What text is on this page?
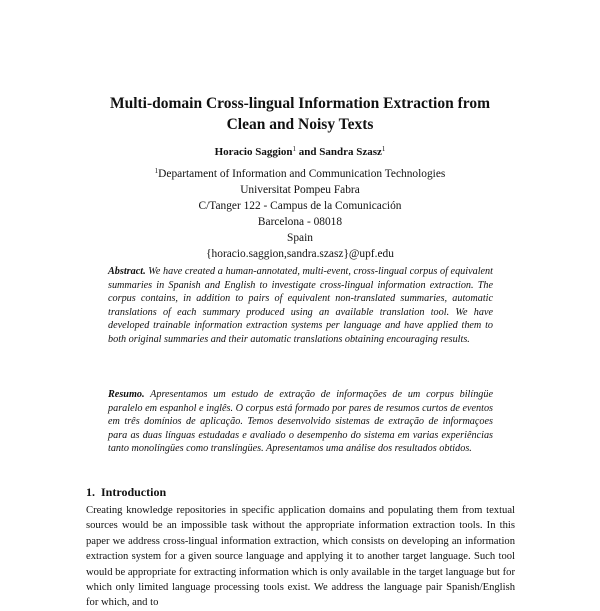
Multi-domain Cross-lingual Information Extraction from
Clean and Noisy Texts

Horacio Saggion$^1$ and Sandra Szasz$^1$

$^1$Departament of Information and Communication Technologies
Universitat Pompeu Fabra
C/Tanger 122 - Campus de la Comunicación
Barcelona - 08018
Spain
{horacio.saggion,sandra.szasz}@upf.edu

Abstract. We have created a human-annotated, multi-event, cross-lingual corpus of equivalent summaries in Spanish and English to investigate cross-lingual information extraction. The corpus contains, in addition to pairs of equivalent non-translated summaries, automatic translations of each summary produced using an available translation tool. We have developed trainable information extraction systems per language and have applied them to both original summaries and their automatic translations obtaining encouraging results.

Resumo. Apresentamos um estudo de extração de informações de um corpus bilíngüe paralelo em espanhol e inglês. O corpus está formado por pares de resumos curtos de eventos em três domínios de aplicação. Temos desenvolvido sistemas de extração de informaçoes para as duas línguas estudadas e avaliado o desempenho do sistema em varias experiências tanto monolíngües como translíngües. Apresentamos uma análise dos resultados obtidos.

1. Introduction

Creating knowledge repositories in specific application domains and populating them from textual sources would be an impossible task without the appropriate information extraction tools. In this paper we address cross-lingual information extraction, which consists on developing an information extraction system for a given source language and applying it to another target language. Such tool would be appropriate for extracting information which is only available in the target language but for which only limited language processing tools exist. We address the language pair Spanish/English for which, and to
